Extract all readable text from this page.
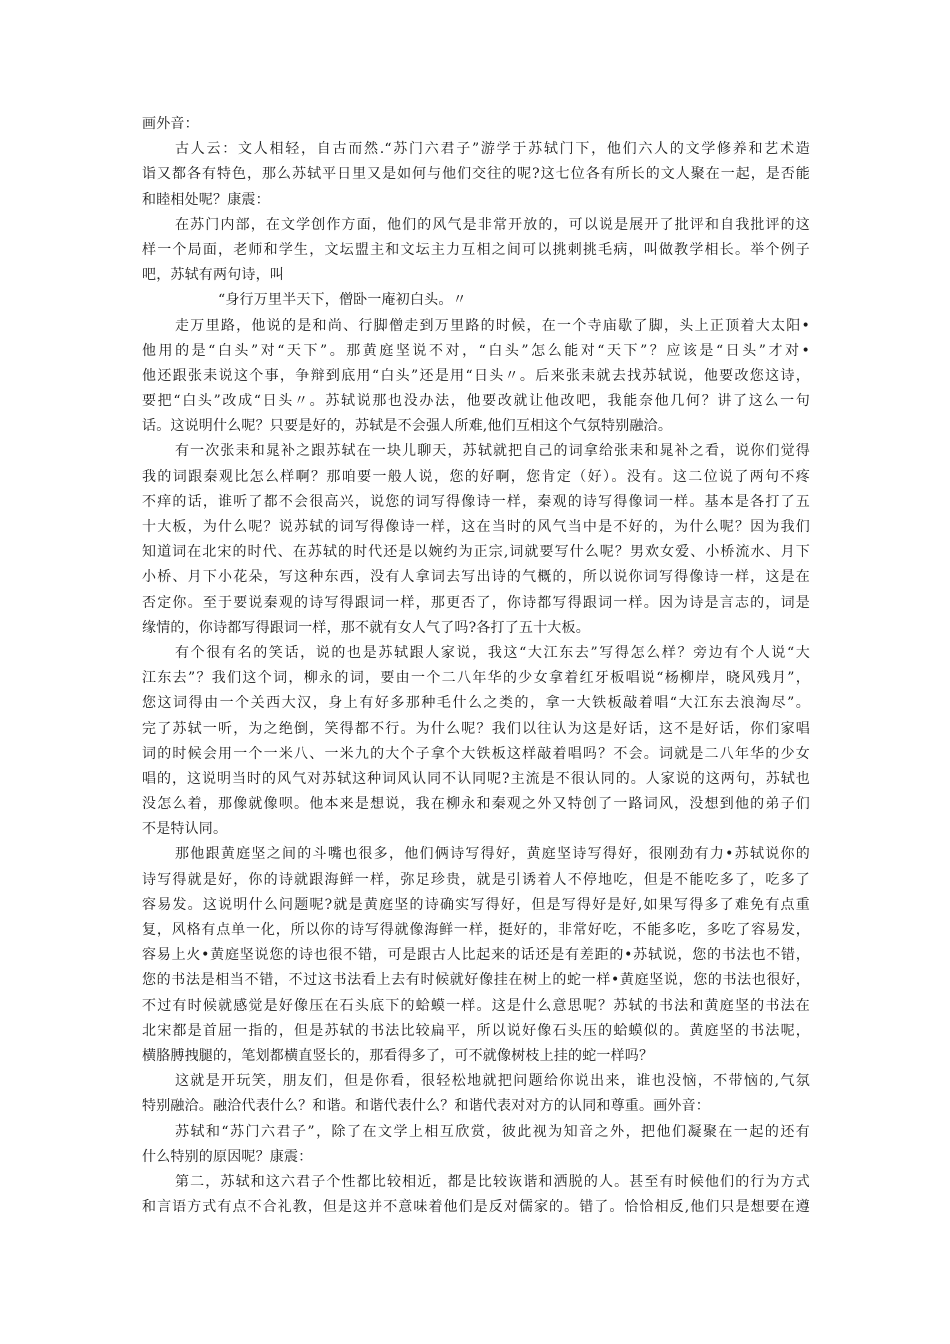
画外音：
古人云：文人相轻，自古而然.“苏门六君子”游学于苏轼门下，他们六人的文学修养和艺术造
诣又都各有特色，那么苏轼平日里又是如何与他们交往的呢?这七位各有所长的文人聚在一起，是否能
和睦相处呢？康震：
在苏门内部，在文学创作方面，他们的风气是非常开放的，可以说是展开了批评和自我批评的这
样一个局面，老师和学生，文坛盟主和文坛主力互相之间可以挑刺挑毛病，叫做教学相长。举个例子
吧，苏轼有两句诗，叫
“身行万里半天下，僧卧一庵初白头。〃
走万里路，他说的是和尚、行脚僧走到万里路的时候，在一个寺庙歇了脚，头上正顶着大太阳•
他用的是“白头”对“天下”。那黄庭坚说不对，“白头”怎么能对“天下”？应该是“日头”才对•
他还跟张耒说这个事，争辩到底用“白头”还是用“日头〃。后来张耒就去找苏轼说，他要改您这诗，
要把“白头”改成“日头〃。苏轼说那也没办法，他要改就让他改吧，我能奈他几何？讲了这么一句
话。这说明什么呢？只要是好的，苏轼是不会强人所难,他们互相这个气氛特别融洽。
有一次张耒和晁补之跟苏轼在一块儿聊天，苏轼就把自己的词拿给张耒和晁补之看，说你们觉得
我的词跟秦观比怎么样啊？那咱要一般人说，您的好啊，您肯定（好）。没有。这二位说了两句不疼
不痒的话，谁听了都不会很高兴，说您的词写得像诗一样，秦观的诗写得像词一样。基本是各打了五
十大板，为什么呢？说苏轼的词写得像诗一样，这在当时的风气当中是不好的，为什么呢？因为我们
知道词在北宋的时代、在苏轼的时代还是以婉约为正宗,词就要写什么呢？男欢女爱、小桥流水、月下
小桥、月下小花朵，写这种东西，没有人拿词去写出诗的气概的，所以说你词写得像诗一样，这是在
否定你。至于要说秦观的诗写得跟词一样，那更否了，你诗都写得跟词一样。因为诗是言志的，词是
缘情的，你诗都写得跟词一样，那不就有女人气了吗?各打了五十大板。
有个很有名的笑话，说的也是苏轼跟人家说，我这“大江东去”写得怎么样？旁边有个人说“大
江东去”？我们这个词，柳永的词，要由一个二八年华的少女拿着红牙板唱说“杨柳岸，晓风残月”，
您这词得由一个关西大汉，身上有好多那种毛什么之类的，拿一大铁板敲着唱“大江东去浪淘尽”。
完了苏轼一听，为之绝倒，笑得都不行。为什么呢？我们以往认为这是好话，这不是好话，你们家唱
词的时候会用一个一米八、一米九的大个子拿个大铁板这样敲着唱吗？不会。词就是二八年华的少女
唱的，这说明当时的风气对苏轼这种词风认同不认同呢?主流是不很认同的。人家说的这两句，苏轼也
没怎么着，那像就像呗。他本来是想说，我在柳永和秦观之外又特创了一路词风，没想到他的弟子们
不是特认同。
那他跟黄庭坚之间的斗嘴也很多，他们俩诗写得好，黄庭坚诗写得好，很刚劲有力•苏轼说你的
诗写得就是好，你的诗就跟海鲜一样，弥足珍贵，就是引诱着人不停地吃，但是不能吃多了，吃多了
容易发。这说明什么问题呢?就是黄庭坚的诗确实写得好，但是写得好是好,如果写得多了难免有点重
复，风格有点单一化，所以你的诗写得就像海鲜一样，挺好的，非常好吃，不能多吃，多吃了容易发，
容易上火•黄庭坚说您的诗也很不错，可是跟古人比起来的话还是有差距的•苏轼说，您的书法也不错，
您的书法是相当不错，不过这书法看上去有时候就好像挂在树上的蛇一样•黄庭坚说，您的书法也很好，
不过有时候就感觉是好像压在石头底下的蛤蟆一样。这是什么意思呢？苏轼的书法和黄庭坚的书法在
北宋都是首屈一指的，但是苏轼的书法比较扁平，所以说好像石头压的蛤蟆似的。黄庭坚的书法呢，
横胳膊拽腿的，笔划都横直竖长的，那看得多了，可不就像树枝上挂的蛇一样吗？
这就是开玩笑，朋友们，但是你看，很轻松地就把问题给你说出来，谁也没恼，不带恼的,气氛
特别融洽。融洽代表什么？和谐。和谐代表什么？和谐代表对对方的认同和尊重。画外音：
苏轼和“苏门六君子”，除了在文学上相互欣赏，彼此视为知音之外，把他们凝聚在一起的还有
什么特别的原因呢？康震：
第二，苏轼和这六君子个性都比较相近，都是比较诙谐和洒脱的人。甚至有时候他们的行为方式
和言语方式有点不合礼教，但是这并不意味着他们是反对儒家的。错了。恰恰相反,他们只是想要在遵
